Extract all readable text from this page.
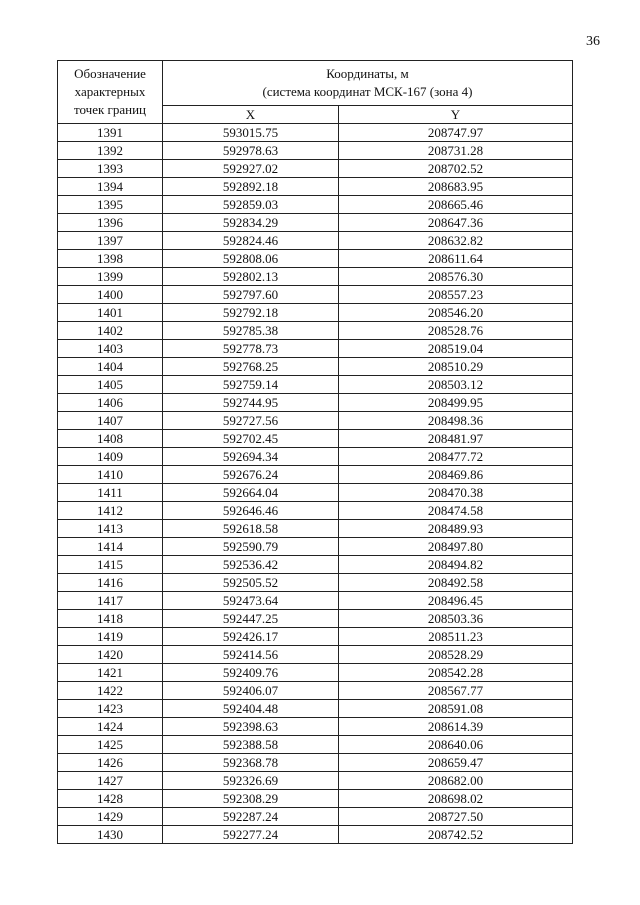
36
Обозначение
характерных
точек границ	Координаты, м
(система координат МСК-167 (зона 4)	

	X	Y
1391	593015.75	208747.97
1392	592978.63	208731.28
1393	592927.02	208702.52
1394	592892.18	208683.95
1395	592859.03	208665.46
1396	592834.29	208647.36
1397	592824.46	208632.82
1398	592808.06	208611.64
1399	592802.13	208576.30
1400	592797.60	208557.23
1401	592792.18	208546.20
1402	592785.38	208528.76
1403	592778.73	208519.04
1404	592768.25	208510.29
1405	592759.14	208503.12
1406	592744.95	208499.95
1407	592727.56	208498.36
1408	592702.45	208481.97
1409	592694.34	208477.72
1410	592676.24	208469.86
1411	592664.04	208470.38
1412	592646.46	208474.58
1413	592618.58	208489.93
1414	592590.79	208497.80
1415	592536.42	208494.82
1416	592505.52	208492.58
1417	592473.64	208496.45
1418	592447.25	208503.36
1419	592426.17	208511.23
1420	592414.56	208528.29
1421	592409.76	208542.28
1422	592406.07	208567.77
1423	592404.48	208591.08
1424	592398.63	208614.39
1425	592388.58	208640.06
1426	592368.78	208659.47
1427	592326.69	208682.00
1428	592308.29	208698.02
1429	592287.24	208727.50
1430	592277.24	208742.52
